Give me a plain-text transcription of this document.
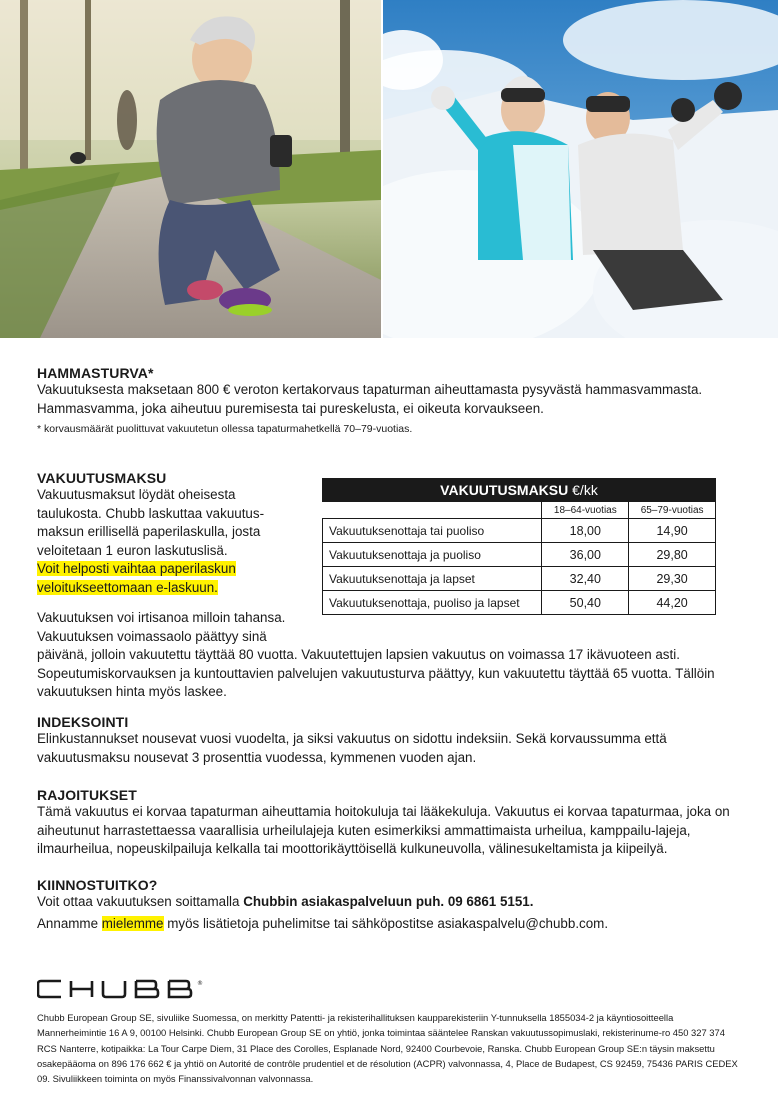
HAMMASTURVA*

Vakuutuksesta maksetaan 800 € veroton kertakorvaus tapaturman aiheuttamasta pysyvästä hammasvammasta. Hammasvamma, joka aiheutuu puremisesta tai pureskelusta, ei oikeuta korvaukseen.

* korvausmäärät puolittuvat vakuutetun ollessa tapaturmahetkellä 70–79-vuotias.

VAKUUTUSMAKSU

Vakuutusmaksut löydät oheisesta taulukosta. Chubb laskuttaa vakuutus-maksun erillisellä paperilaskulla, josta veloitetaan 1 euron laskutuslisä.

Voit helposti vaihtaa paperilaskun veloitukseettomaan e-laskuun.

VAKUUTUSMAKSU €/kk		
	18–64-vuotias	65–79-vuotias
Vakuutuksenottaja tai puoliso	18,00	14,90
Vakuutuksenottaja ja puoliso	36,00	29,80
Vakuutuksenottaja ja lapset	32,40	29,30
Vakuutuksenottaja, puoliso ja lapset	50,40	44,20

Vakuutuksen voi irtisanoa milloin tahansa.

Vakuutuksen voimassaolo päättyy sinä

päivänä, jolloin vakuutettu täyttää 80 vuotta. Vakuutettujen lapsien vakuutus on voimassa 17 ikävuoteen asti. Sopeutumiskorvauksen ja kuntouttavien palvelujen vakuutusturva päättyy, kun vakuutettu täyttää 65 vuotta. Tällöin vakuutuksen hinta myös laskee.

INDEKSOINTI

Elinkustannukset nousevat vuosi vuodelta, ja siksi vakuutus on sidottu indeksiin. Sekä korvaussumma että vakuutusmaksu nousevat 3 prosenttia vuodessa, kymmenen vuoden ajan.

RAJOITUKSET

Tämä vakuutus ei korvaa tapaturman aiheuttamia hoitokuluja tai lääkekuluja. Vakuutus ei korvaa tapaturmaa, joka on aiheutunut harrastettaessa vaarallisia urheilulajeja kuten esimerkiksi ammattimaista urheilua, kamppailu-lajeja, ilmaurheilua, nopeuskilpailuja kelkalla tai moottorikäyttöisellä kulkuneuvolla, välinesukeltamista ja kiipeilyä.

KIINNOSTUITKO?

Voit ottaa vakuutuksen soittamalla Chubbin asiakaspalveluun puh. 09 6861 5151.

Annamme mielemme myös lisätietoja puhelimitse tai sähköpostitse asiakaspalvelu@chubb.com.

®

Chubb European Group SE, sivuliike Suomessa, on merkitty Patentti- ja rekisterihallituksen kaupparekisteriin Y-tunnuksella 1855034-2 ja käyntiosoitteella Mannerheimintie 16 A 9, 00100 Helsinki. Chubb European Group SE on yhtiö, jonka toimintaa sääntelee Ranskan vakuutussopimuslaki, rekisterinume-ro 450 327 374 RCS Nanterre, kotipaikka: La Tour Carpe Diem, 31 Place des Corolles, Esplanade Nord, 92400 Courbevoie, Ranska. Chubb European Group SE:n täysin maksettu osakepääoma on 896 176 662 € ja yhtiö on Autorité de contrôle prudentiel et de résolution (ACPR) valvonnassa, 4, Place de Budapest, CS 92459, 75436 PARIS CEDEX 09. Sivuliikkeen toiminta on myös Finanssivalvonnan valvonnassa.
